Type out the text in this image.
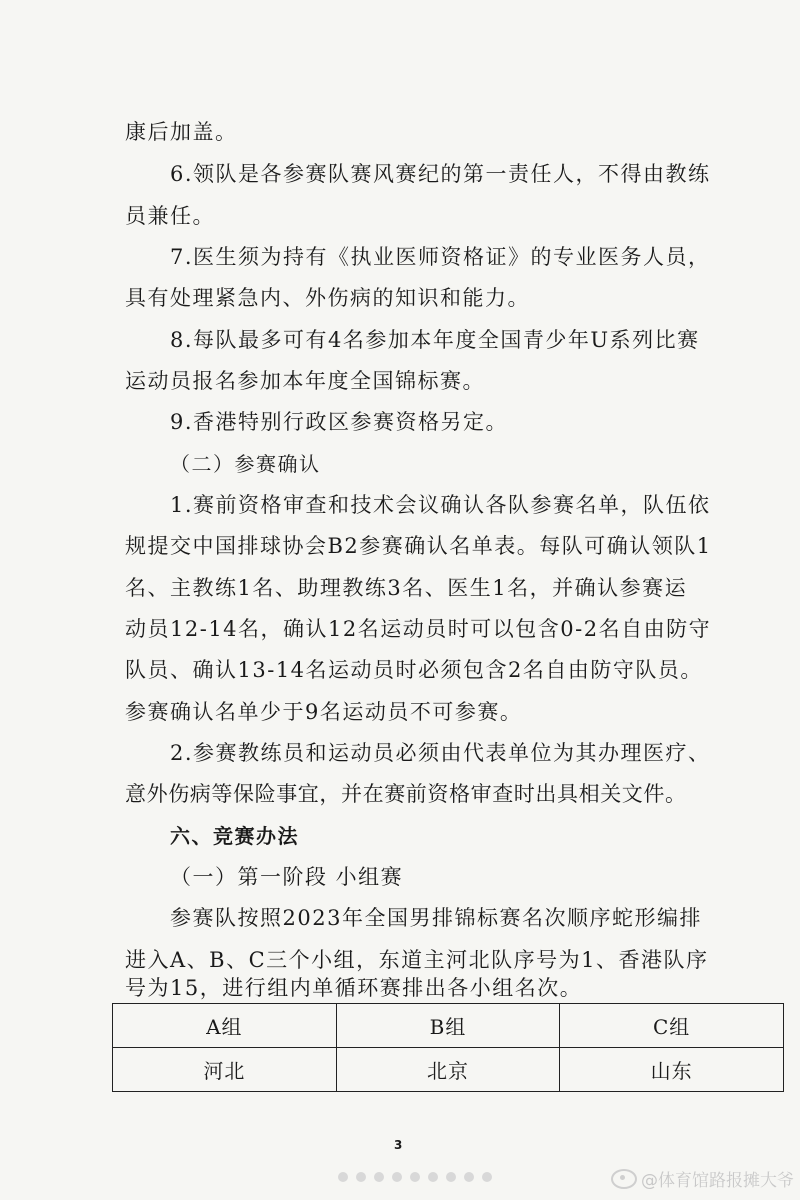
康后加盖。
6.领队是各参赛队赛风赛纪的第一责任人，不得由教练
员兼任。
7.医生须为持有《执业医师资格证》的专业医务人员，
具有处理紧急内、外伤病的知识和能力。
8.每队最多可有4名参加本年度全国青少年U系列比赛
运动员报名参加本年度全国锦标赛。
9.香港特别行政区参赛资格另定。
（二）参赛确认
1.赛前资格审查和技术会议确认各队参赛名单，队伍依
规提交中国排球协会B2参赛确认名单表。每队可确认领队1
名、主教练1名、助理教练3名、医生1名，并确认参赛运
动员12-14名，确认12名运动员时可以包含0-2名自由防守
队员、确认13-14名运动员时必须包含2名自由防守队员。
参赛确认名单少于9名运动员不可参赛。
2.参赛教练员和运动员必须由代表单位为其办理医疗、
意外伤病等保险事宜，并在赛前资格审查时出具相关文件。
六、竞赛办法
（一）第一阶段 小组赛
参赛队按照2023年全国男排锦标赛名次顺序蛇形编排
进入A、B、C三个小组，东道主河北队序号为1、香港队序
号为15，进行组内单循环赛排出各小组名次。
A组	B组	C组
河北	北京	山东
3
@体育馆路报摊大爷
